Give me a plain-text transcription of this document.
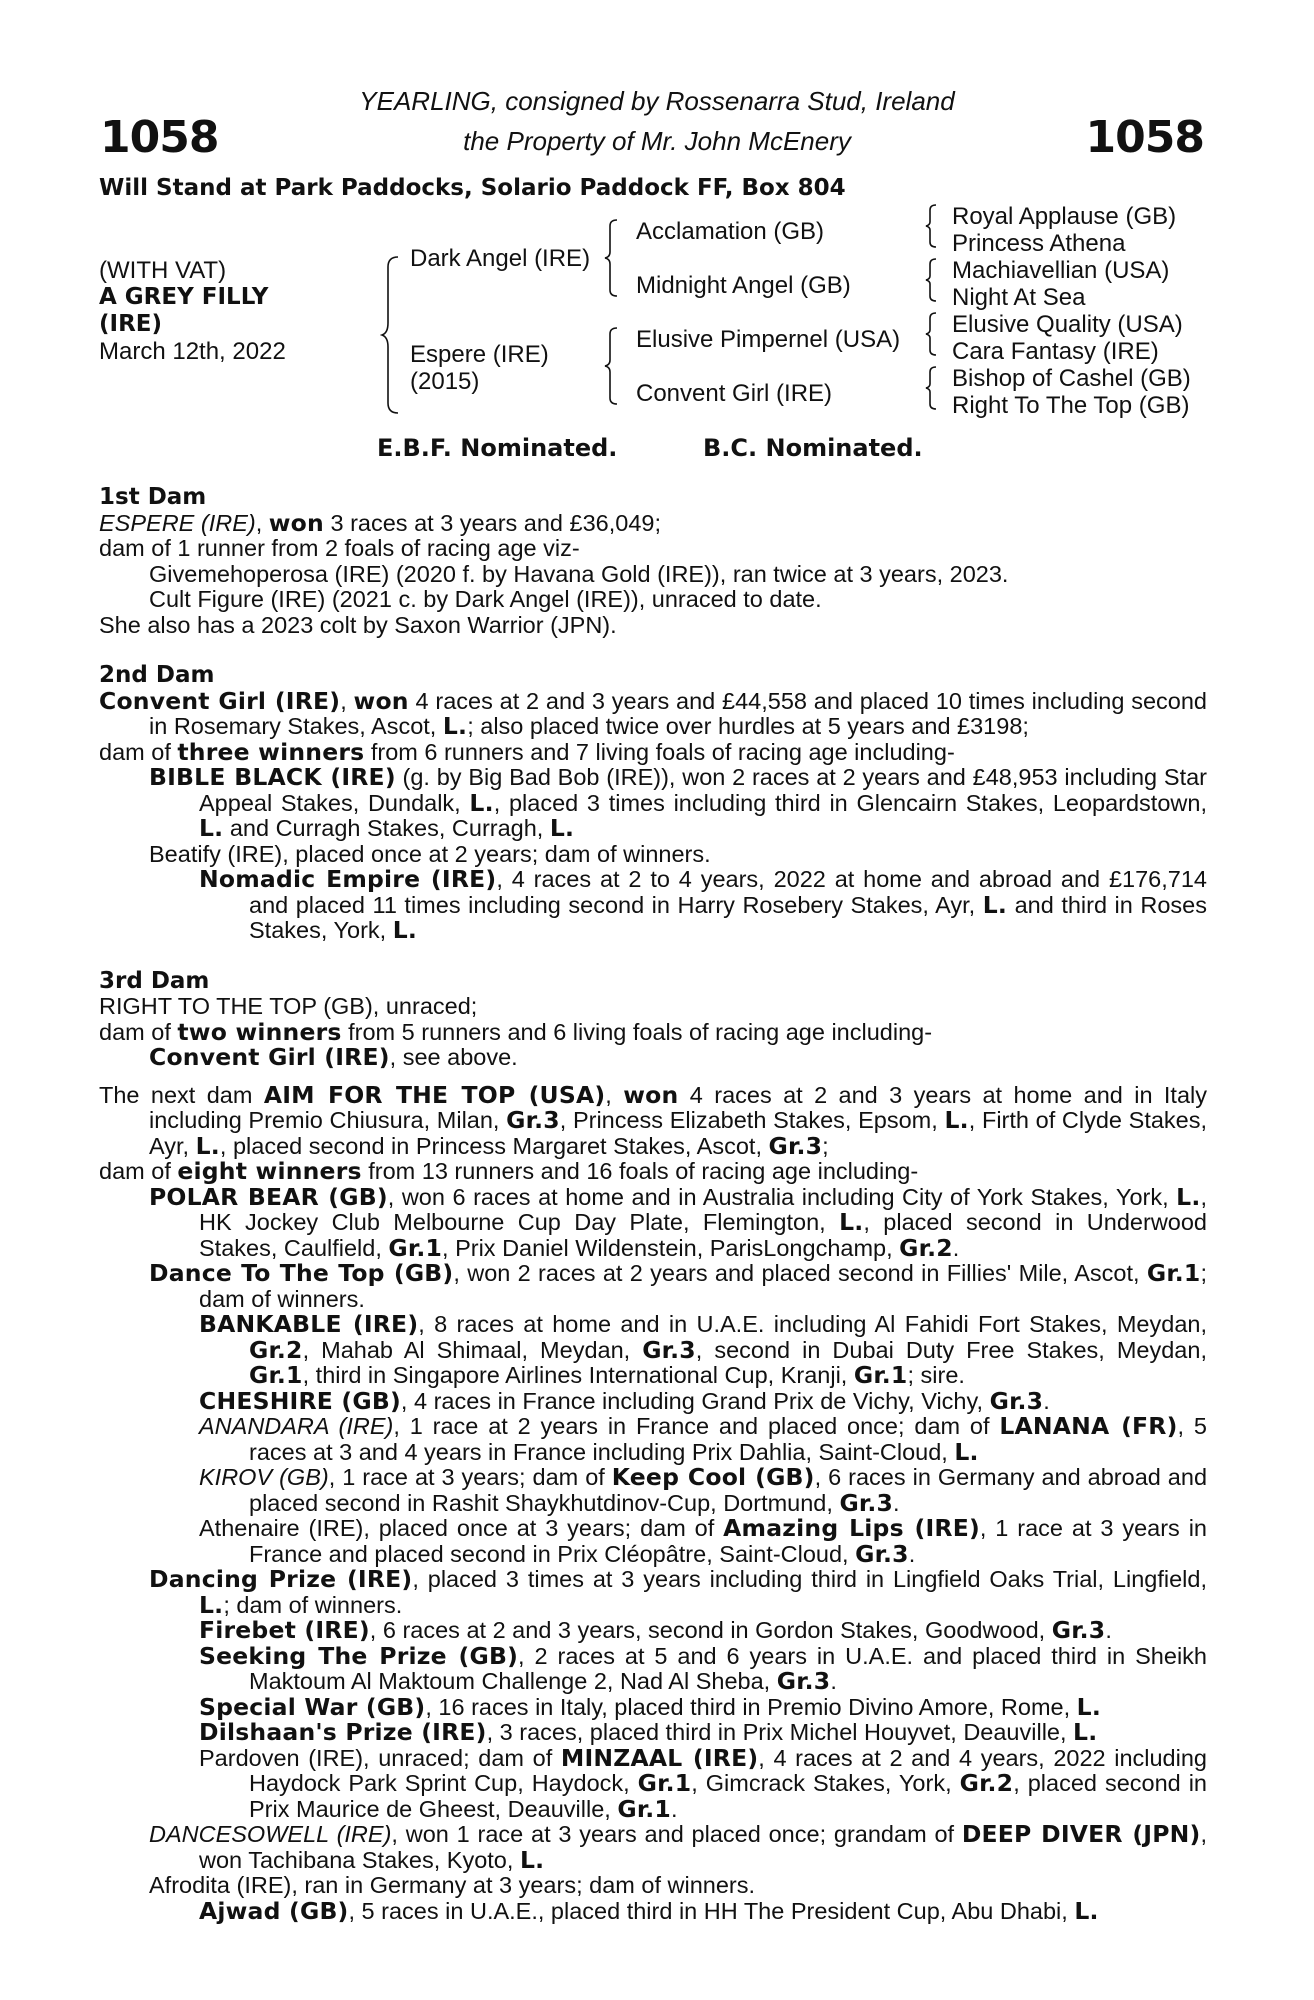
1058	1058
YEARLING, consigned by Rossenarra Stud, Ireland
the Property of Mr. John McEnery
Will Stand at Park Paddocks, Solario Paddock FF, Box 804
(WITH VAT)
A GREY FILLY
(IRE)
March 12th, 2022
Dark Angel (IRE)
Espere (IRE)
(2015)
Acclamation (GB)
Midnight Angel (GB)
Elusive Pimpernel (USA)
Convent Girl (IRE)
Royal Applause (GB)
Princess Athena
Machiavellian (USA)
Night At Sea
Elusive Quality (USA)
Cara Fantasy (IRE)
Bishop of Cashel (GB)
Right To The Top (GB)
E.B.F. Nominated.	B.C. Nominated.

1st Dam

ESPERE (IRE), won 3 races at 3 years and £36,049;

dam of 1 runner from 2 foals of racing age viz-

Givemehoperosa (IRE) (2020 f. by Havana Gold (IRE)), ran twice at 3 years, 2023.

Cult Figure (IRE) (2021 c. by Dark Angel (IRE)), unraced to date.

She also has a 2023 colt by Saxon Warrior (JPN).

2nd Dam

Convent Girl (IRE), won 4 races at 2 and 3 years and £44,558 and placed 10 times including second in Rosemary Stakes, Ascot, L.; also placed twice over hurdles at 5 years and £3198;

dam of three winners from 6 runners and 7 living foals of racing age including-

BIBLE BLACK (IRE) (g. by Big Bad Bob (IRE)), won 2 races at 2 years and £48,953 including Star Appeal Stakes, Dundalk, L., placed 3 times including third in Glencairn Stakes, Leopardstown, L. and Curragh Stakes, Curragh, L.

Beatify (IRE), placed once at 2 years; dam of winners.

Nomadic Empire (IRE), 4 races at 2 to 4 years, 2022 at home and abroad and £176,714 and placed 11 times including second in Harry Rosebery Stakes, Ayr, L. and third in Roses Stakes, York, L.

3rd Dam

RIGHT TO THE TOP (GB), unraced;

dam of two winners from 5 runners and 6 living foals of racing age including-

Convent Girl (IRE), see above.

The next dam AIM FOR THE TOP (USA), won 4 races at 2 and 3 years at home and in Italy including Premio Chiusura, Milan, Gr.3, Princess Elizabeth Stakes, Epsom, L., Firth of Clyde Stakes, Ayr, L., placed second in Princess Margaret Stakes, Ascot, Gr.3;

dam of eight winners from 13 runners and 16 foals of racing age including-

POLAR BEAR (GB), won 6 races at home and in Australia including City of York Stakes, York, L., HK Jockey Club Melbourne Cup Day Plate, Flemington, L., placed second in Underwood Stakes, Caulfield, Gr.1, Prix Daniel Wildenstein, ParisLongchamp, Gr.2.

Dance To The Top (GB), won 2 races at 2 years and placed second in Fillies' Mile, Ascot, Gr.1; dam of winners.

BANKABLE (IRE), 8 races at home and in U.A.E. including Al Fahidi Fort Stakes, Meydan, Gr.2, Mahab Al Shimaal, Meydan, Gr.3, second in Dubai Duty Free Stakes, Meydan, Gr.1, third in Singapore Airlines International Cup, Kranji, Gr.1; sire.

CHESHIRE (GB), 4 races in France including Grand Prix de Vichy, Vichy, Gr.3.

ANANDARA (IRE), 1 race at 2 years in France and placed once; dam of LANANA (FR), 5 races at 3 and 4 years in France including Prix Dahlia, Saint-Cloud, L.

KIROV (GB), 1 race at 3 years; dam of Keep Cool (GB), 6 races in Germany and abroad and placed second in Rashit Shaykhutdinov-Cup, Dortmund, Gr.3.

Athenaire (IRE), placed once at 3 years; dam of Amazing Lips (IRE), 1 race at 3 years in France and placed second in Prix Cléopâtre, Saint-Cloud, Gr.3.

Dancing Prize (IRE), placed 3 times at 3 years including third in Lingfield Oaks Trial, Lingfield, L.; dam of winners.

Firebet (IRE), 6 races at 2 and 3 years, second in Gordon Stakes, Goodwood, Gr.3.

Seeking The Prize (GB), 2 races at 5 and 6 years in U.A.E. and placed third in Sheikh Maktoum Al Maktoum Challenge 2, Nad Al Sheba, Gr.3.

Special War (GB), 16 races in Italy, placed third in Premio Divino Amore, Rome, L.

Dilshaan's Prize (IRE), 3 races, placed third in Prix Michel Houyvet, Deauville, L.

Pardoven (IRE), unraced; dam of MINZAAL (IRE), 4 races at 2 and 4 years, 2022 including Haydock Park Sprint Cup, Haydock, Gr.1, Gimcrack Stakes, York, Gr.2, placed second in Prix Maurice de Gheest, Deauville, Gr.1.

DANCESOWELL (IRE), won 1 race at 3 years and placed once; grandam of DEEP DIVER (JPN), won Tachibana Stakes, Kyoto, L.

Afrodita (IRE), ran in Germany at 3 years; dam of winners.

Ajwad (GB), 5 races in U.A.E., placed third in HH The President Cup, Abu Dhabi, L.
